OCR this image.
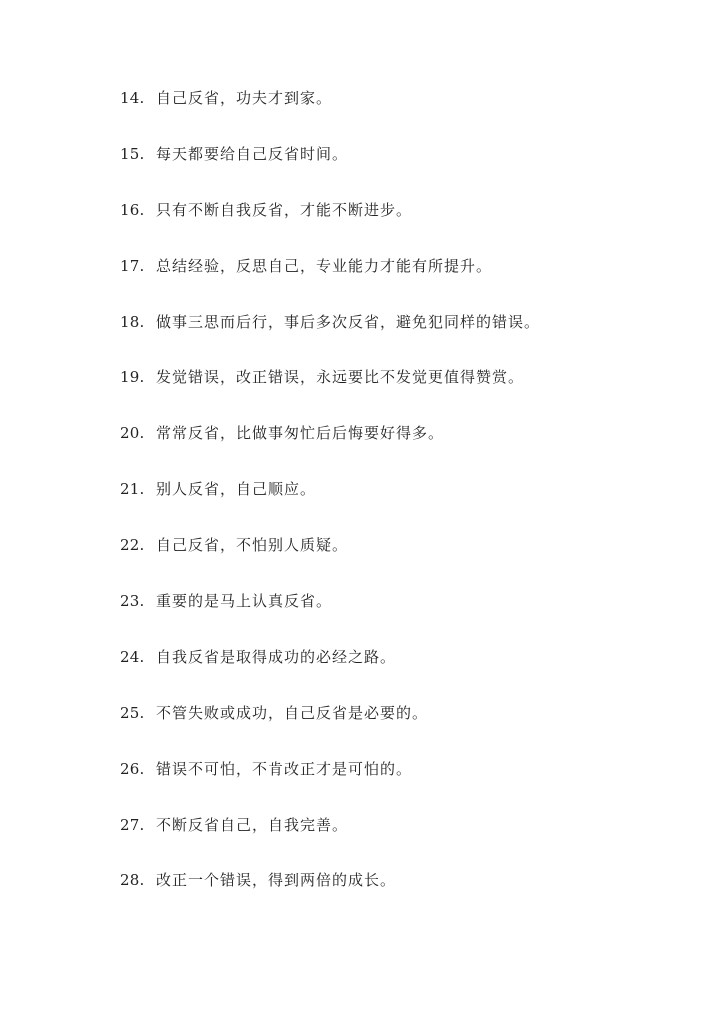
14. 自己反省，功夫才到家。
15. 每天都要给自己反省时间。
16. 只有不断自我反省，才能不断进步。
17. 总结经验，反思自己，专业能力才能有所提升。
18. 做事三思而后行，事后多次反省，避免犯同样的错误。
19. 发觉错误，改正错误，永远要比不发觉更值得赞赏。
20. 常常反省，比做事匆忙后后悔要好得多。
21. 别人反省，自己顺应。
22. 自己反省，不怕别人质疑。
23. 重要的是马上认真反省。
24. 自我反省是取得成功的必经之路。
25. 不管失败或成功，自己反省是必要的。
26. 错误不可怕，不肯改正才是可怕的。
27. 不断反省自己，自我完善。
28. 改正一个错误，得到两倍的成长。
